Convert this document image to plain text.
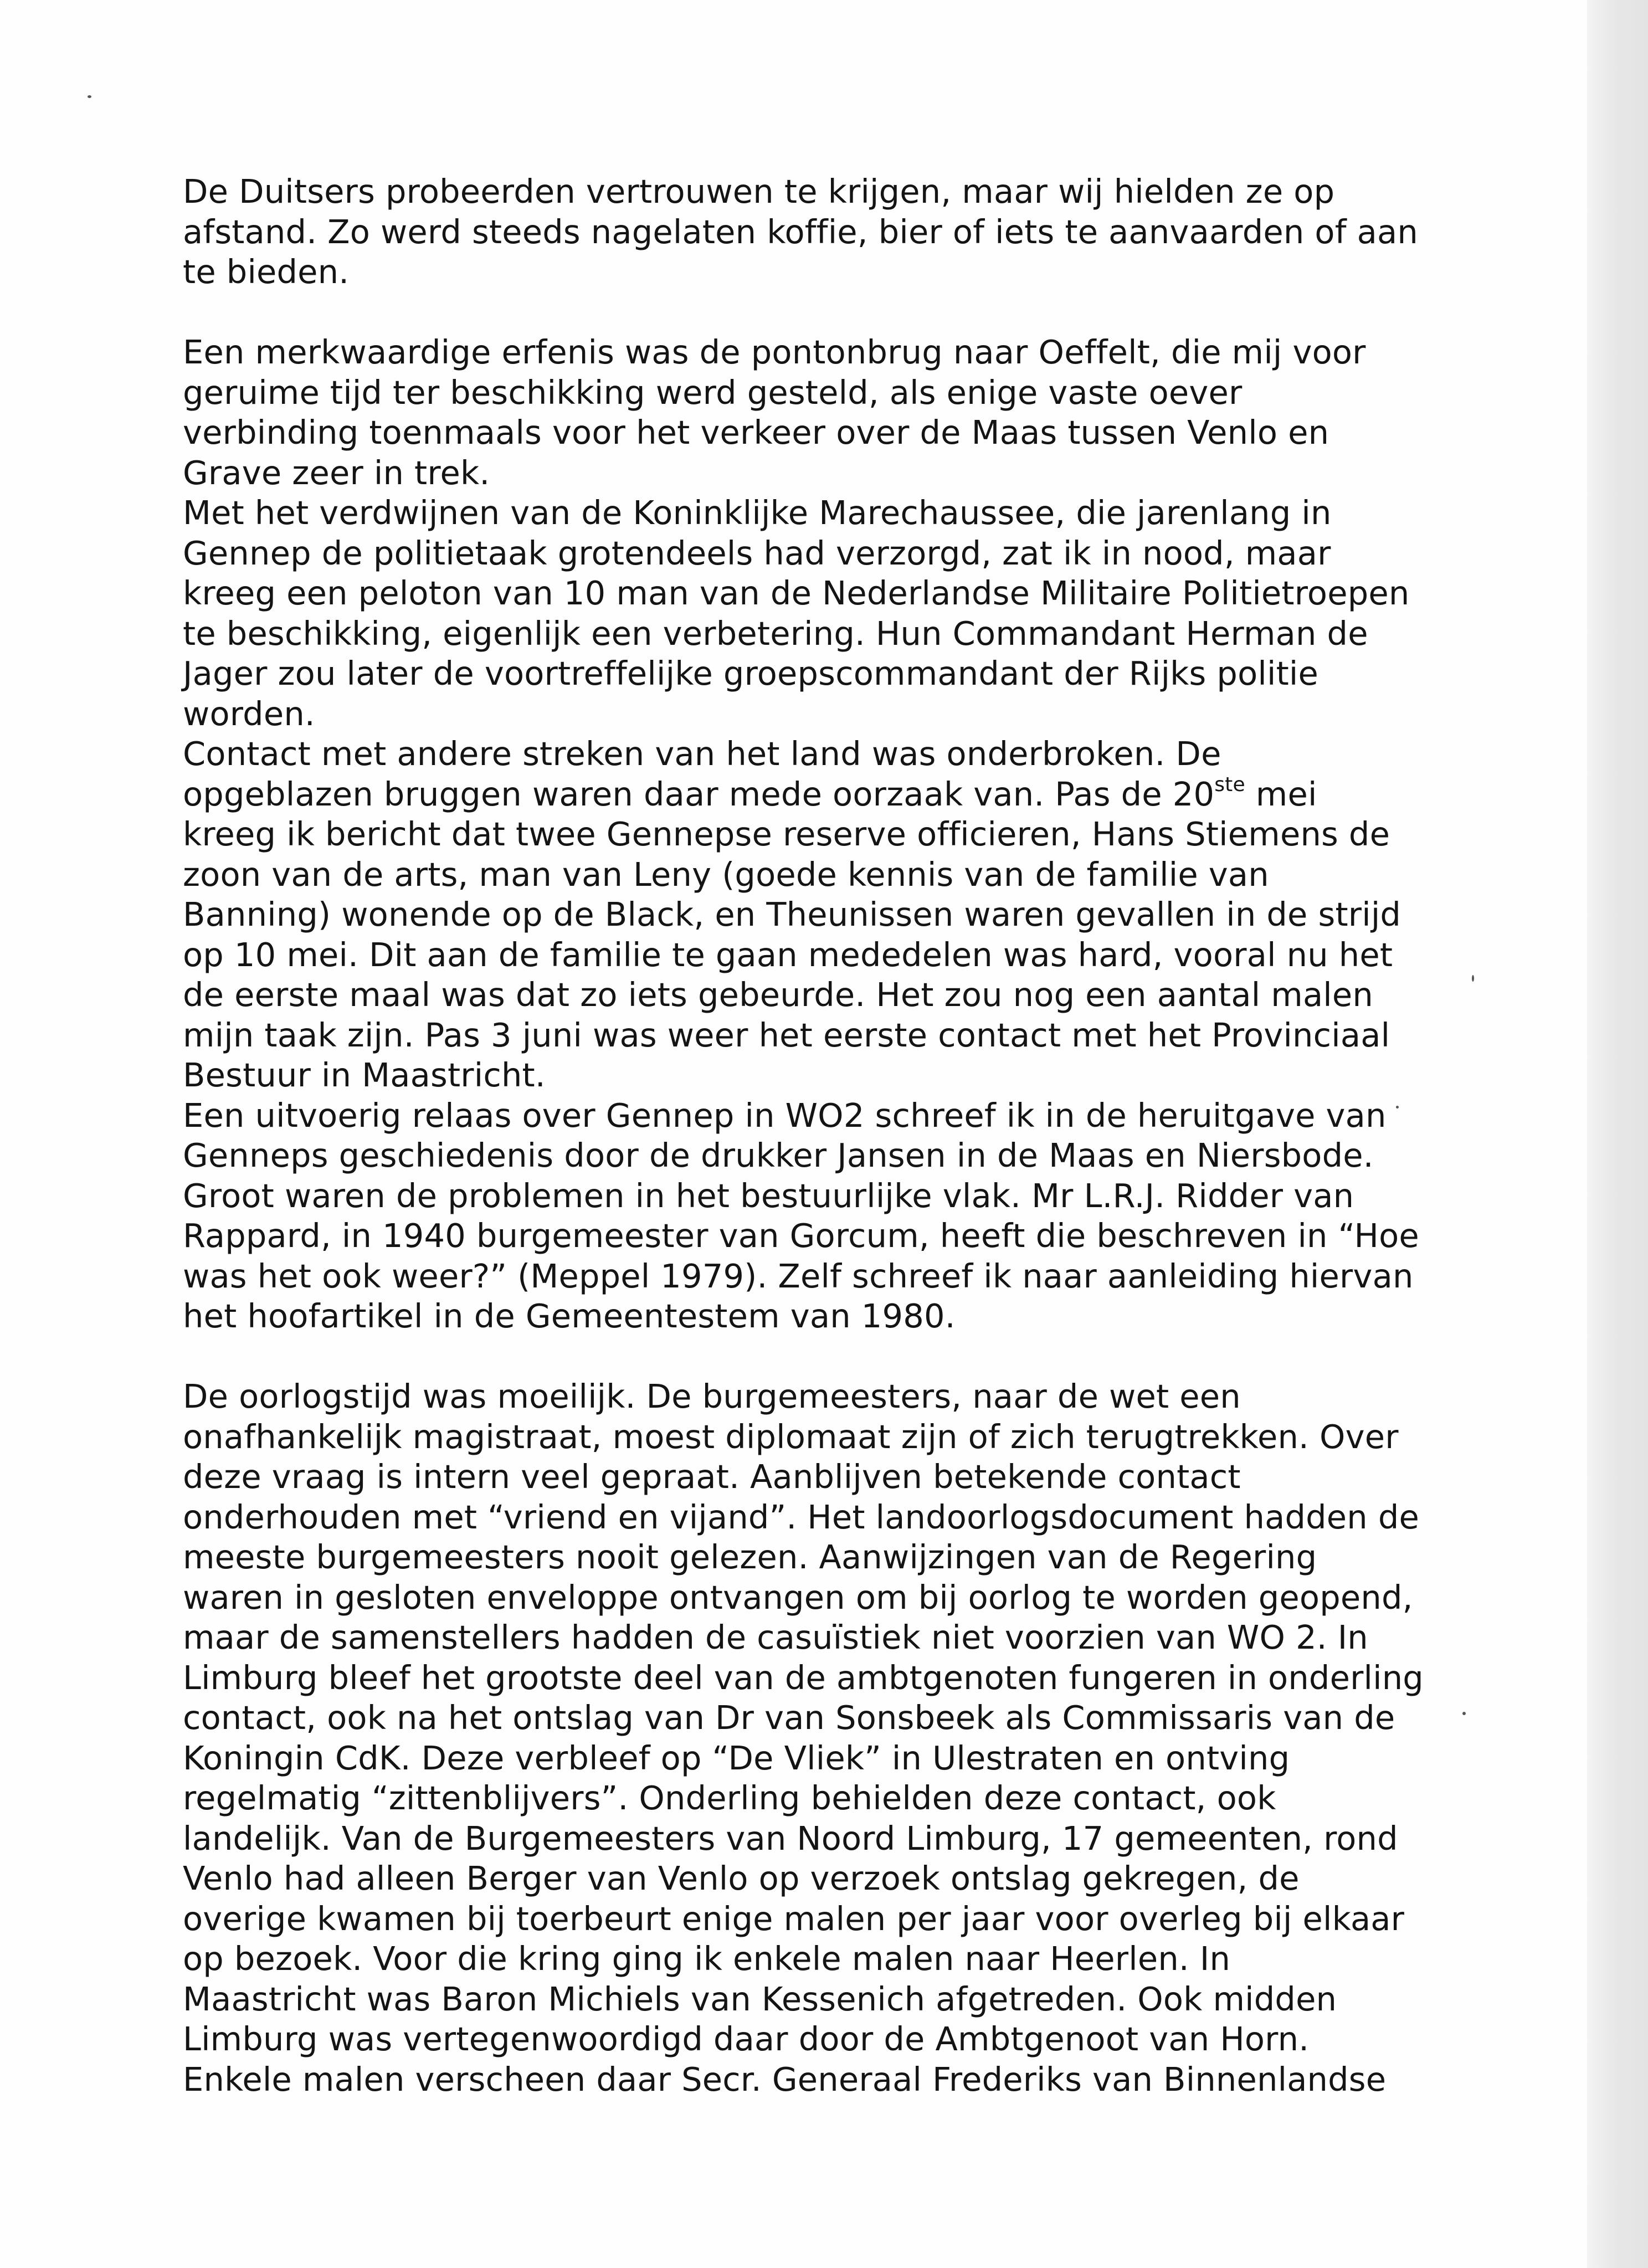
De Duitsers probeerden vertrouwen te krijgen, maar wij hielden ze op
afstand. Zo werd steeds nagelaten koffie, bier of iets te aanvaarden of aan
te bieden.
Een merkwaardige erfenis was de pontonbrug naar Oeffelt, die mij voor
geruime tijd ter beschikking werd gesteld, als enige vaste oever
verbinding toenmaals voor het verkeer over de Maas tussen Venlo en
Grave zeer in trek.
Met het verdwijnen van de Koninklijke Marechaussee, die jarenlang in
Gennep de politietaak grotendeels had verzorgd, zat ik in nood, maar
kreeg een peloton van 10 man van de Nederlandse Militaire Politietroepen
te beschikking, eigenlijk een verbetering. Hun Commandant Herman de
Jager zou later de voortreffelijke groepscommandant der Rijks politie
worden.
Contact met andere streken van het land was onderbroken. De
opgeblazen bruggen waren daar mede oorzaak van. Pas de 20ste mei
kreeg ik bericht dat twee Gennepse reserve officieren, Hans Stiemens de
zoon van de arts, man van Leny (goede kennis van de familie van
Banning) wonende op de Black, en Theunissen waren gevallen in de strijd
op 10 mei. Dit aan de familie te gaan mededelen was hard, vooral nu het
de eerste maal was dat zo iets gebeurde. Het zou nog een aantal malen
mijn taak zijn. Pas 3 juni was weer het eerste contact met het Provinciaal
Bestuur in Maastricht.
Een uitvoerig relaas over Gennep in WO2 schreef ik in de heruitgave van
Genneps geschiedenis door de drukker Jansen in de Maas en Niersbode.
Groot waren de problemen in het bestuurlijke vlak. Mr L.R.J. Ridder van
Rappard, in 1940 burgemeester van Gorcum, heeft die beschreven in “Hoe
was het ook weer?” (Meppel 1979). Zelf schreef ik naar aanleiding hiervan
het hoofartikel in de Gemeentestem van 1980.
De oorlogstijd was moeilijk. De burgemeesters, naar de wet een
onafhankelijk magistraat, moest diplomaat zijn of zich terugtrekken. Over
deze vraag is intern veel gepraat. Aanblijven betekende contact
onderhouden met “vriend en vijand”. Het landoorlogsdocument hadden de
meeste burgemeesters nooit gelezen. Aanwijzingen van de Regering
waren in gesloten enveloppe ontvangen om bij oorlog te worden geopend,
maar de samenstellers hadden de casuïstiek niet voorzien van WO 2. In
Limburg bleef het grootste deel van de ambtgenoten fungeren in onderling
contact, ook na het ontslag van Dr van Sonsbeek als Commissaris van de
Koningin CdK. Deze verbleef op “De Vliek” in Ulestraten en ontving
regelmatig “zittenblijvers”. Onderling behielden deze contact, ook
landelijk. Van de Burgemeesters van Noord Limburg, 17 gemeenten, rond
Venlo had alleen Berger van Venlo op verzoek ontslag gekregen, de
overige kwamen bij toerbeurt enige malen per jaar voor overleg bij elkaar
op bezoek. Voor die kring ging ik enkele malen naar Heerlen. In
Maastricht was Baron Michiels van Kessenich afgetreden. Ook midden
Limburg was vertegenwoordigd daar door de Ambtgenoot van Horn.
Enkele malen verscheen daar Secr. Generaal Frederiks van Binnenlandse
